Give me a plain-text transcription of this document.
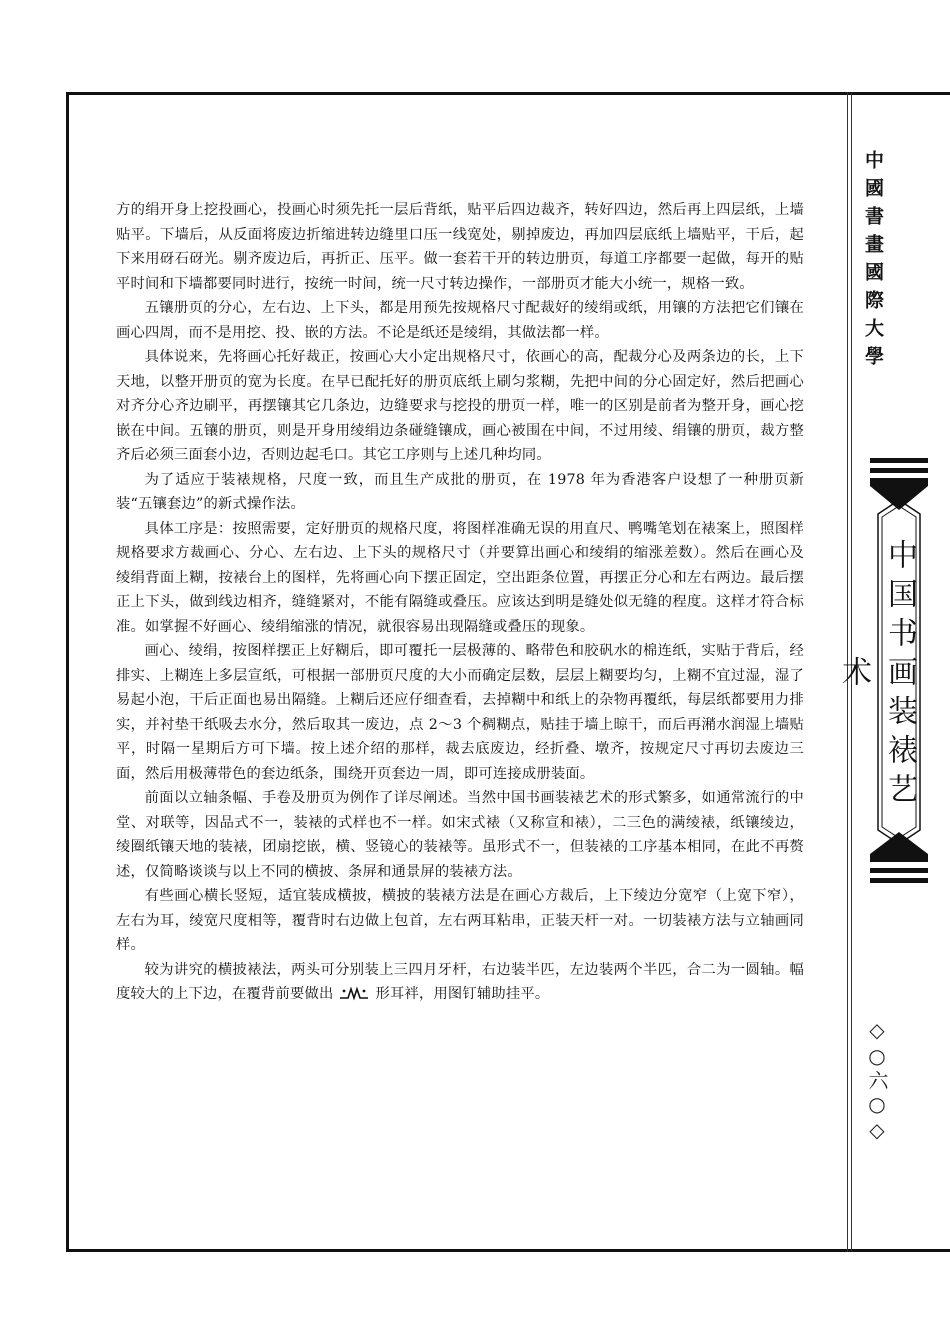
方的绢开身上挖投画心，投画心时须先托一层后背纸，贴平后四边裁齐，转好四边，然后再上四层纸，上墙贴平。下墙后，从反面将废边折缩进转边缝里口压一线宽处，剔掉废边，再加四层底纸上墙贴平，干后，起下来用砑石砑光。剔齐废边后，再折正、压平。做一套若干开的转边册页，每道工序都要一起做，每开的贴平时间和下墙都要同时进行，按统一时间，统一尺寸转边操作，一部册页才能大小统一，规格一致。

五镶册页的分心，左右边、上下头，都是用预先按规格尺寸配裁好的绫绢或纸，用镶的方法把它们镶在画心四周，而不是用挖、投、嵌的方法。不论是纸还是绫绢，其做法都一样。

具体说来，先将画心托好裁正，按画心大小定出规格尺寸，依画心的高，配裁分心及两条边的长，上下天地，以整开册页的宽为长度。在早已配托好的册页底纸上刷匀浆糊，先把中间的分心固定好，然后把画心对齐分心齐边刷平，再摆镶其它几条边，边缝要求与挖投的册页一样，唯一的区别是前者为整开身，画心挖嵌在中间。五镶的册页，则是开身用绫绢边条碰缝镶成，画心被围在中间，不过用绫、绢镶的册页，裁方整齐后必须三面套小边，否则边起毛口。其它工序则与上述几种均同。

为了适应于装裱规格，尺度一致，而且生产成批的册页，在 1978 年为香港客户设想了一种册页新装“五镶套边”的新式操作法。

具体工序是：按照需要，定好册页的规格尺度，将图样准确无误的用直尺、鸭嘴笔划在裱案上，照图样规格要求方裁画心、分心、左右边、上下头的规格尺寸（并要算出画心和绫绢的缩涨差数）。然后在画心及绫绢背面上糊，按裱台上的图样，先将画心向下摆正固定，空出距条位置，再摆正分心和左右两边。最后摆正上下头，做到线边相齐，缝缝紧对，不能有隔缝或叠压。应该达到明是缝处似无缝的程度。这样才符合标准。如掌握不好画心、绫绢缩涨的情况，就很容易出现隔缝或叠压的现象。

画心、绫绢，按图样摆正上好糊后，即可覆托一层极薄的、略带色和胶矾水的棉连纸，实贴于背后，经排实、上糊连上多层宣纸，可根据一部册页尺度的大小而确定层数，层层上糊要均匀，上糊不宜过湿，湿了易起小泡，干后正面也易出隔缝。上糊后还应仔细查看，去掉糊中和纸上的杂物再覆纸，每层纸都要用力排实，并衬垫干纸吸去水分，然后取其一废边，点 2～3 个稠糊点，贴挂于墙上晾干，而后再潲水润湿上墙贴平，时隔一星期后方可下墙。按上述介绍的那样，裁去底废边，经折叠、墩齐，按规定尺寸再切去废边三面，然后用极薄带色的套边纸条，围绕开页套边一周，即可连接成册装面。

前面以立轴条幅、手卷及册页为例作了详尽阐述。当然中国书画装裱艺术的形式繁多，如通常流行的中堂、对联等，因品式不一，装裱的式样也不一样。如宋式裱（又称宣和裱），二三色的满绫裱，纸镶绫边，绫圈纸镶天地的装裱，团扇挖嵌，横、竖镜心的装裱等。虽形式不一，但装裱的工序基本相同，在此不再赘述，仅简略谈谈与以上不同的横披、条屏和通景屏的装裱方法。

有些画心横长竖短，适宜装成横披，横披的装裱方法是在画心方裁后，上下绫边分宽窄（上宽下窄），左右为耳，绫宽尺度相等，覆背时右边做上包首，左右两耳粘串，正装天杆一对。一切装裱方法与立轴画同样。

较为讲究的横披裱法，两头可分别装上三四月牙杆，右边装半匹，左边装两个半匹，合二为一圆轴。幅度较大的上下边，在覆背前要做出	形耳袢，用图钉辅助挂平。

中國書畫國際大學
中国书画装裱艺术
◇○六○◇
